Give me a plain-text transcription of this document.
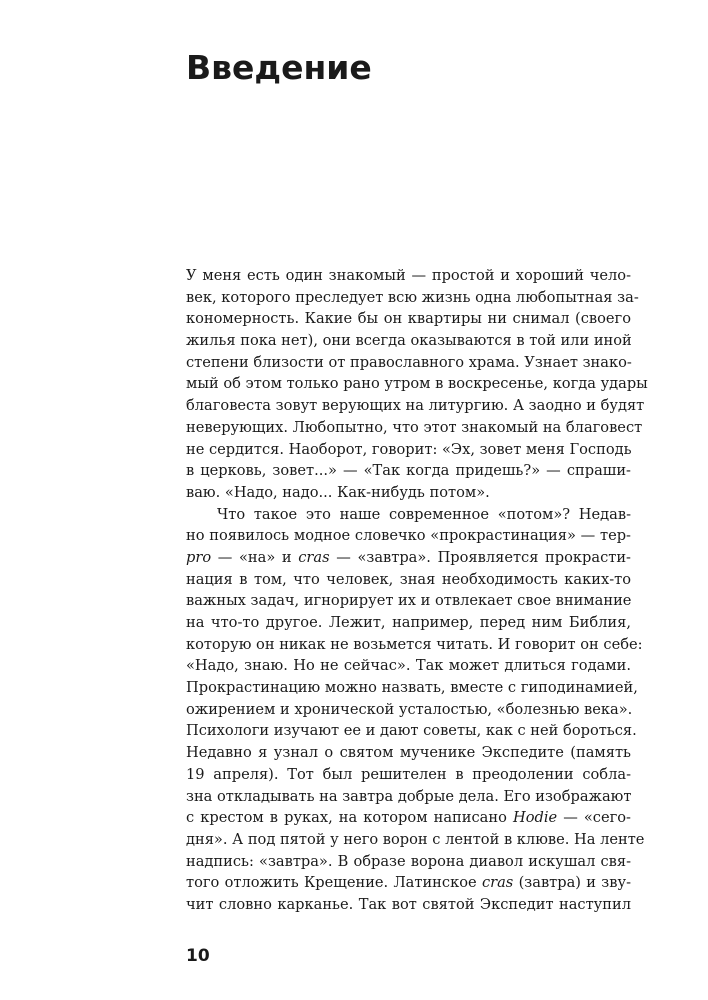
Введение
У меня есть один знакомый — простой и хороший чело-
век, которого преследует всю жизнь одна любопытная за-
кономерность. Какие бы он квартиры ни снимал (своего
жилья пока нет), они всегда оказываются в той или иной
степени близости от православного храма. Узнает знако-
мый об этом только рано утром в воскресенье, когда удары
благовеста зовут верующих на литургию. А заодно и будят
неверующих. Любопытно, что этот знакомый на благовест
не сердится. Наоборот, говорит: «Эх, зовет меня Господь
в церковь, зовет...» — «Так когда придешь?» — спраши-
ваю. «Надо, надо... Как-нибудь потом».
Что такое это наше современное «потом»? Недав-
но появилось модное словечко «прокрастинация» — тер-
pro — «на» и cras — «завтра». Проявляется прокрасти-
нация в том, что человек, зная необходимость каких-то
важных задач, игнорирует их и отвлекает свое внимание
на что-то другое. Лежит, например, перед ним Библия,
которую он никак не возьмется читать. И говорит он себе:
«Надо, знаю. Но не сейчас». Так может длиться годами.
Прокрастинацию можно назвать, вместе с гиподинамией,
ожирением и хронической усталостью, «болезнью века».
Психологи изучают ее и дают советы, как с ней бороться.
Недавно я узнал о святом мученике Экспедите (память
19 апреля). Тот был решителен в преодолении собла-
зна откладывать на завтра добрые дела. Его изображают
с крестом в руках, на котором написано Hodie — «сего-
дня». А под пятой у него ворон с лентой в клюве. На ленте
надпись: «завтра». В образе ворона диавол искушал свя-
того отложить Крещение. Латинское cras (завтра) и зву-
чит словно карканье. Так вот святой Экспедит наступил
10
